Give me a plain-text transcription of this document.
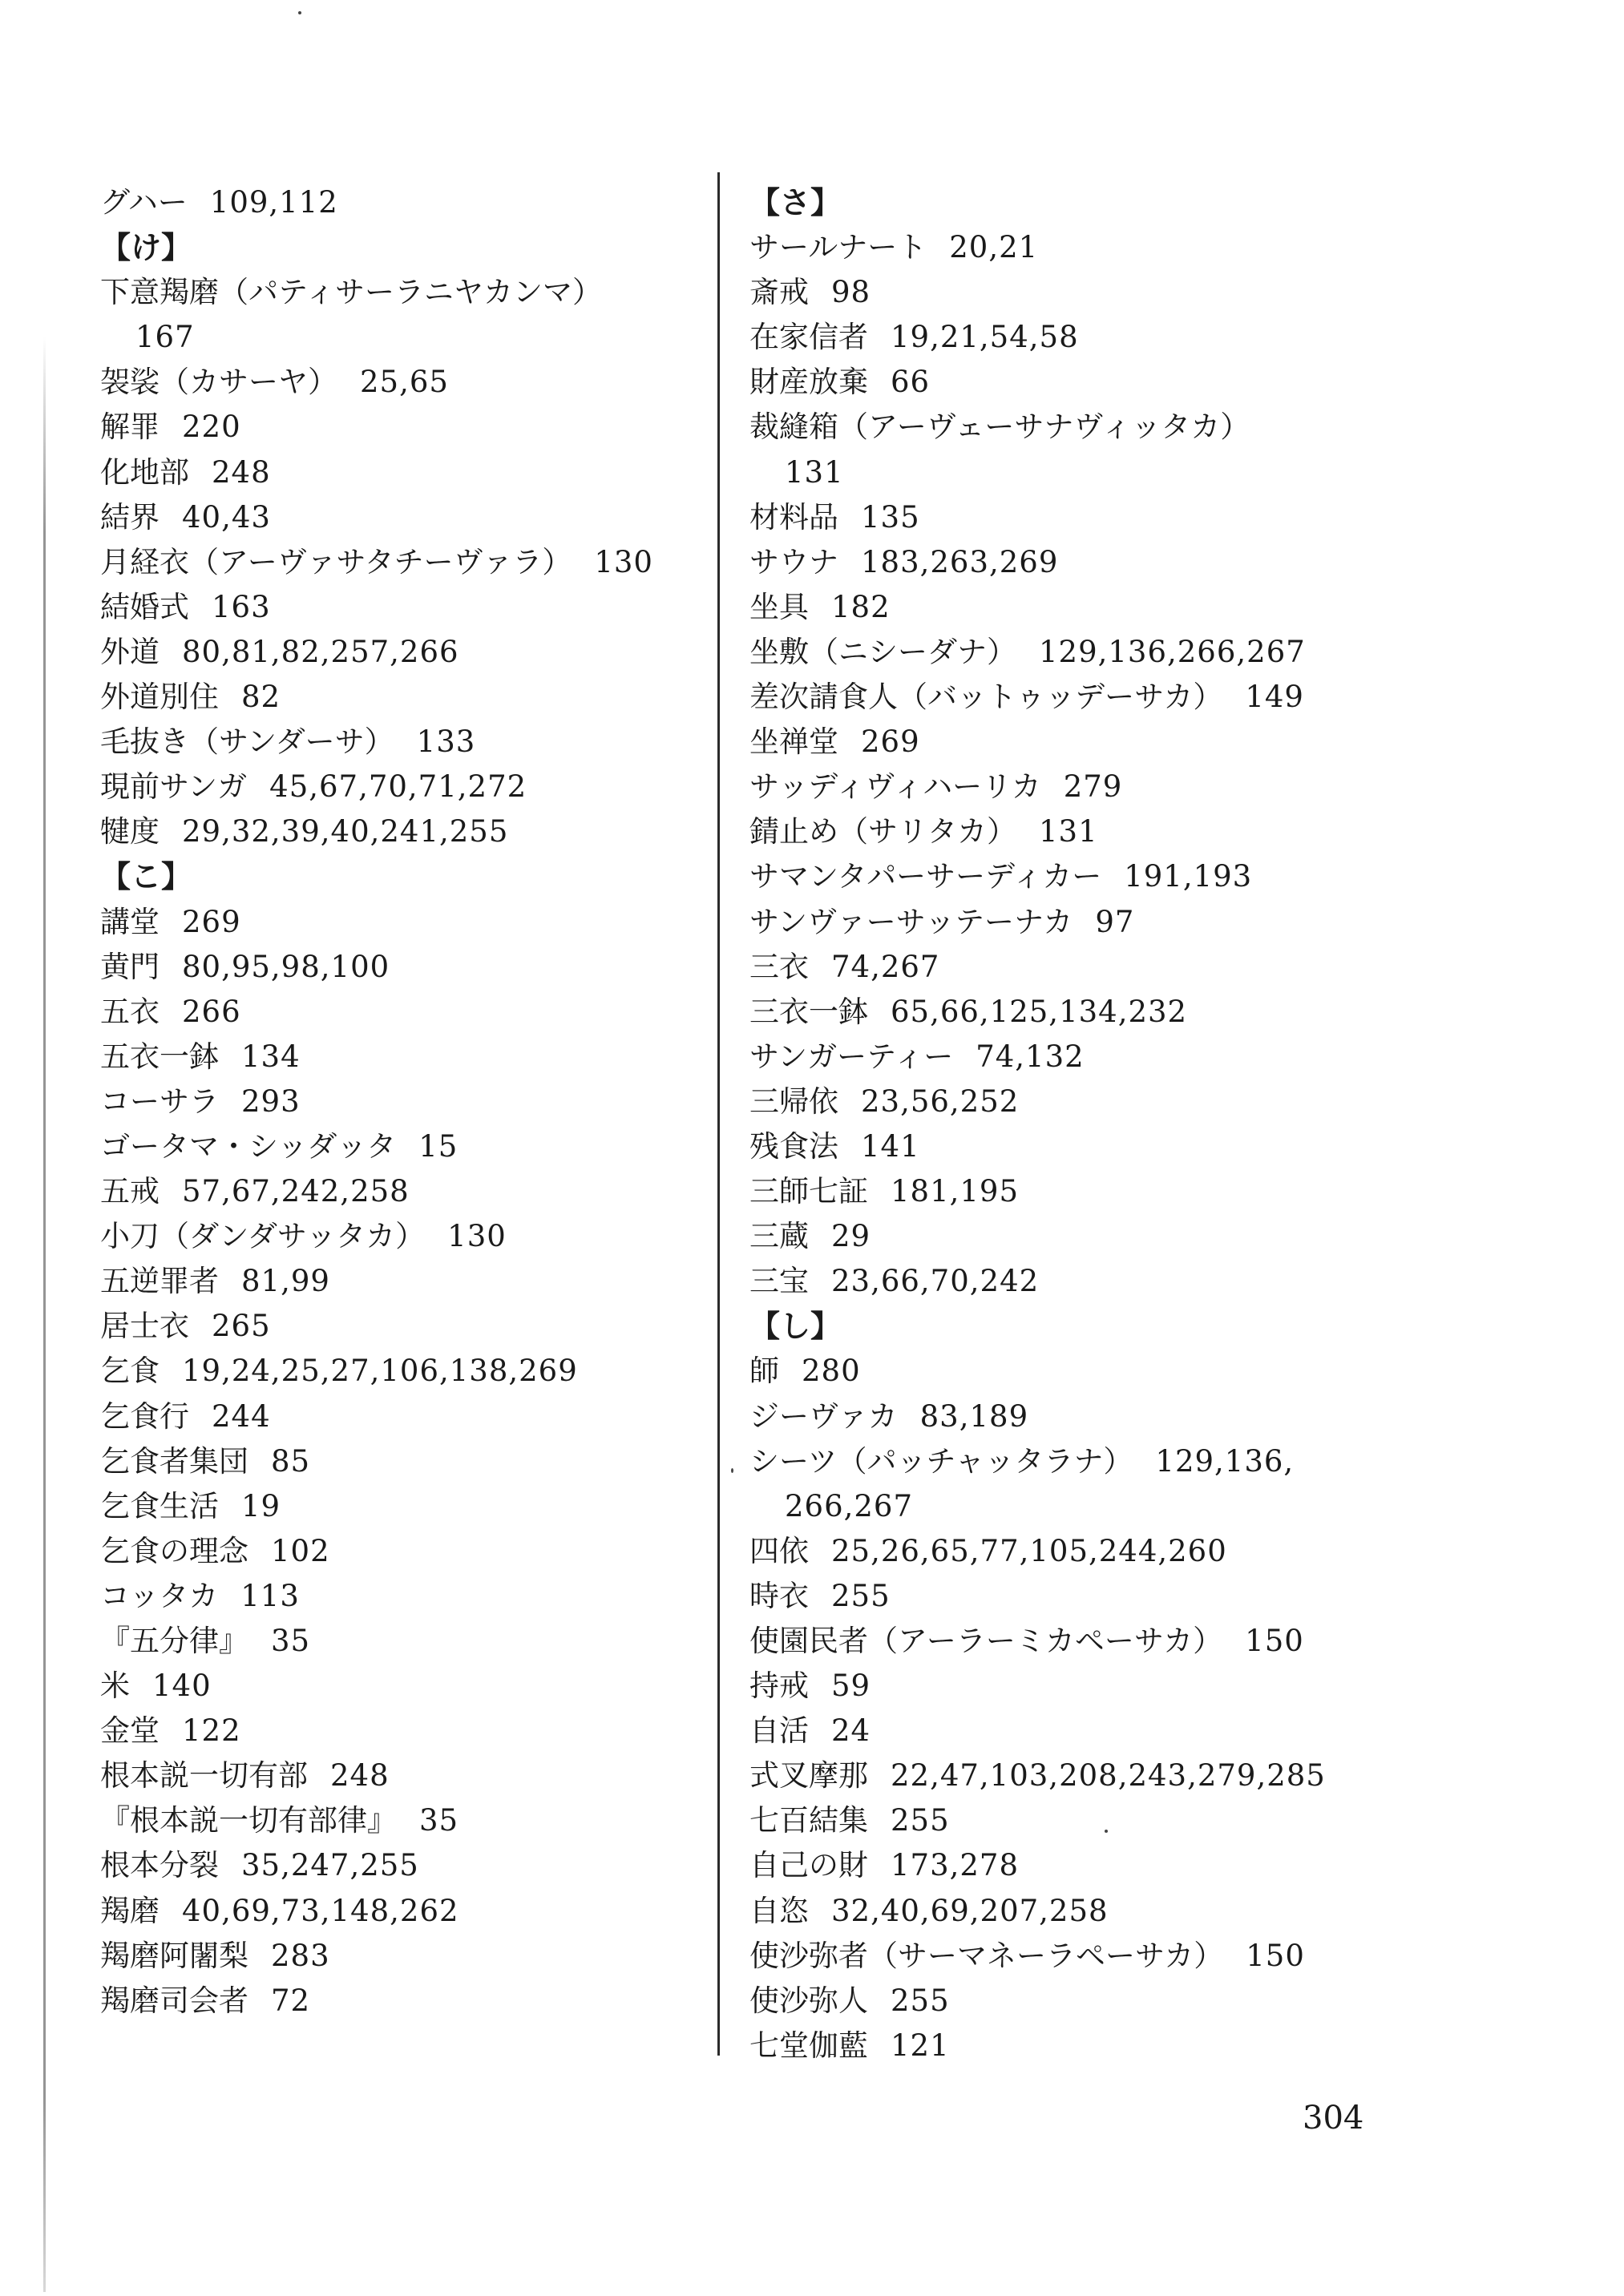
グハー 109,112
【け】
下意羯磨（パティサーラニヤカンマ）
167
袈裟（カサーヤ） 25,65
解罪 220
化地部 248
結界 40,43
月経衣（アーヴァサタチーヴァラ） 130
結婚式 163
外道 80,81,82,257,266
外道別住 82
毛抜き（サンダーサ） 133
現前サンガ 45,67,70,71,272
犍度 29,32,39,40,241,255
【こ】
講堂 269
黄門 80,95,98,100
五衣 266
五衣一鉢 134
コーサラ 293
ゴータマ・シッダッタ 15
五戒 57,67,242,258
小刀（ダンダサッタカ） 130
五逆罪者 81,99
居士衣 265
乞食 19,24,25,27,106,138,269
乞食行 244
乞食者集団 85
乞食生活 19
乞食の理念 102
コッタカ 113
『五分律』 35
米 140
金堂 122
根本説一切有部 248
『根本説一切有部律』 35
根本分裂 35,247,255
羯磨 40,69,73,148,262
羯磨阿闍梨 283
羯磨司会者 72
【さ】
サールナート 20,21
斎戒 98
在家信者 19,21,54,58
財産放棄 66
裁縫箱（アーヴェーサナヴィッタカ）
131
材料品 135
サウナ 183,263,269
坐具 182
坐敷（ニシーダナ） 129,136,266,267
差次請食人（バットゥッデーサカ） 149
坐禅堂 269
サッディヴィハーリカ 279
錆止め（サリタカ） 131
サマンタパーサーディカー 191,193
サンヴァーサッテーナカ 97
三衣 74,267
三衣一鉢 65,66,125,134,232
サンガーティー 74,132
三帰依 23,56,252
残食法 141
三師七証 181,195
三蔵 29
三宝 23,66,70,242
【し】
師 280
ジーヴァカ 83,189
シーツ（パッチャッタラナ） 129,136,
266,267
四依 25,26,65,77,105,244,260
時衣 255
使園民者（アーラーミカペーサカ） 150
持戒 59
自活 24
式叉摩那 22,47,103,208,243,279,285
七百結集 255
自己の財 173,278
自恣 32,40,69,207,258
使沙弥者（サーマネーラペーサカ） 150
使沙弥人 255
七堂伽藍 121
304
